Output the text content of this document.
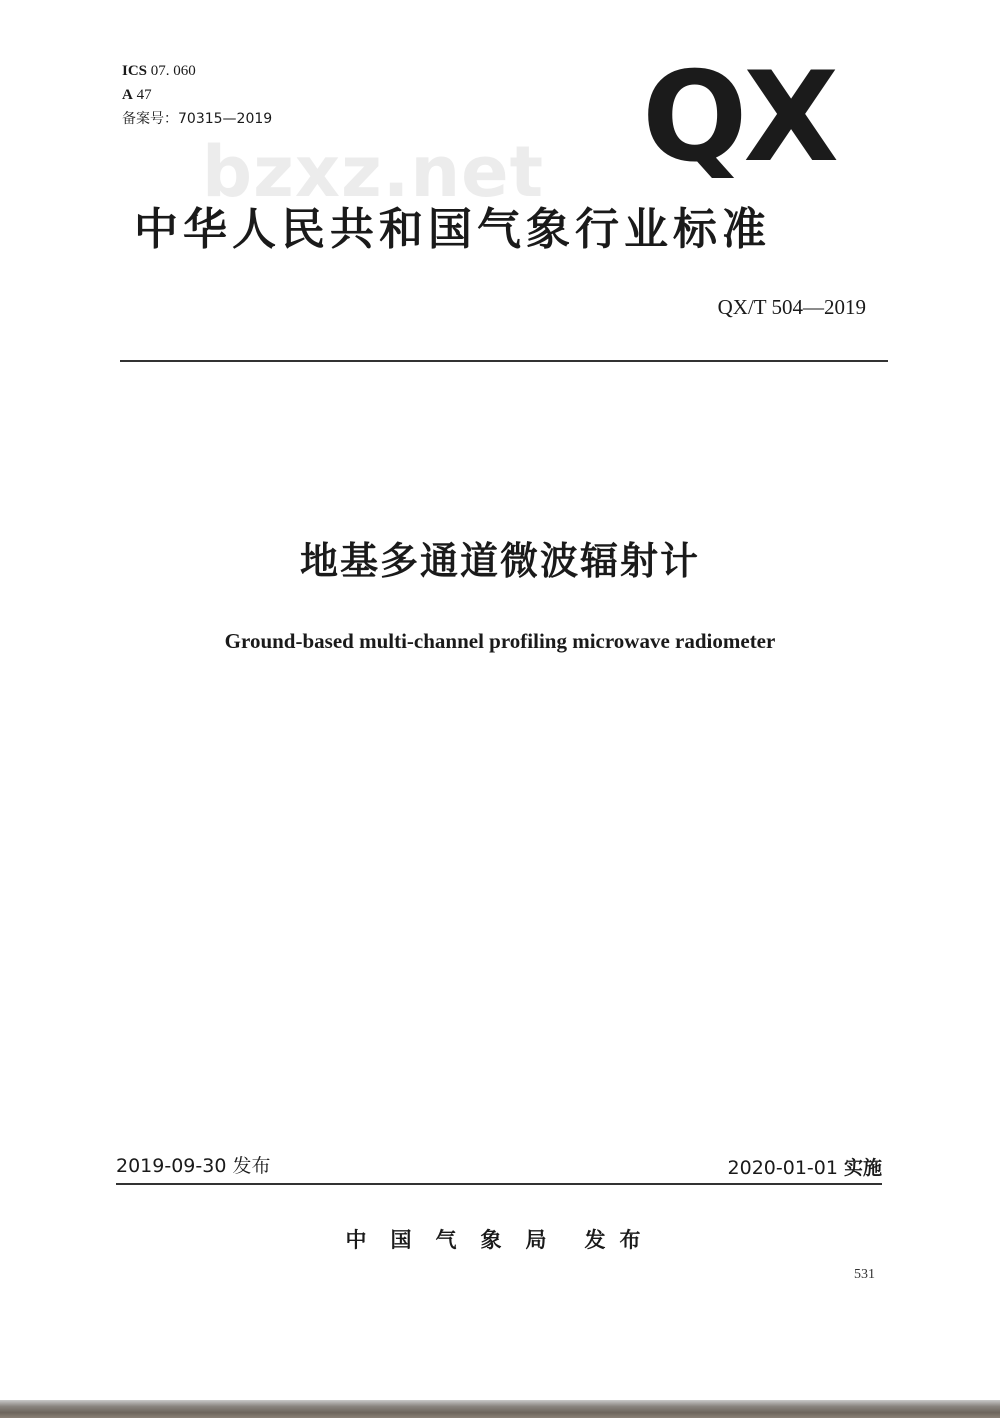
ICS 07. 060
A 47
备案号：70315—2019
bzxz.net QX
中华人民共和国气象行业标准
QX/T 504—2019
地基多通道微波辐射计
Ground-based multi-channel profiling microwave radiometer
2019-09-30 发布	2020-01-01 实施
中国气象局 发布
531
